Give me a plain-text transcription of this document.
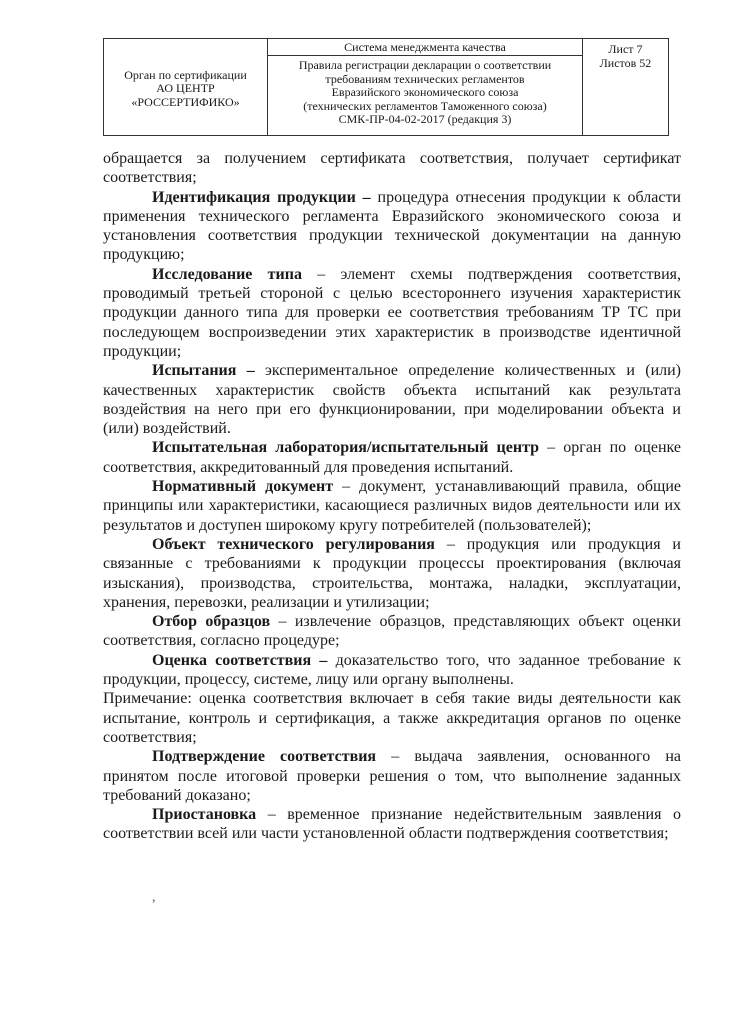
Орган по сертификации
АО ЦЕНТР
«РОССЕРТИФИКО»
Система менеджмента качества
Правила регистрации декларации о соответствии
требованиям технических регламентов
Евразийского экономического союза
(технических регламентов Таможенного союза)
СМК-ПР-04-02-2017 (редакция 3)
Лист 7
Листов 52

обращается за получением сертификата соответствия, получает сертификат соответствия;

Идентификация продукции – процедура отнесения продукции к области применения технического регламента Евразийского экономического союза и установления соответствия продукции технической документации на данную продукцию;

Исследование типа – элемент схемы подтверждения соответствия, проводимый третьей стороной с целью всестороннего изучения характеристик продукции данного типа для проверки ее соответствия требованиям ТР ТС при последующем воспроизведении этих характеристик в производстве идентичной продукции;

Испытания – экспериментальное определение количественных и (или) качественных характеристик свойств объекта испытаний как результата воздействия на него при его функционировании, при моделировании объекта и (или) воздействий.

Испытательная лаборатория/испытательный центр – орган по оценке соответствия, аккредитованный для проведения испытаний.

Нормативный документ – документ, устанавливающий правила, общие принципы или характеристики, касающиеся различных видов деятельности или их результатов и доступен широкому кругу потребителей (пользователей);

Объект технического регулирования – продукция или продукция и связанные с требованиями к продукции процессы проектирования (включая изыскания), производства, строительства, монтажа, наладки, эксплуатации, хранения, перевозки, реализации и утилизации;

Отбор образцов – извлечение образцов, представляющих объект оценки соответствия, согласно процедуре;

Оценка соответствия – доказательство того, что заданное требование к продукции, процессу, системе, лицу или органу выполнены.

Примечание: оценка соответствия включает в себя такие виды деятельности как испытание, контроль и сертификация, а также аккредитация органов по оценке соответствия;

Подтверждение соответствия – выдача заявления, основанного на принятом после итоговой проверки решения о том, что выполнение заданных требований доказано;

Приостановка – временное признание недействительным заявления о соответствии всей или части установленной области подтверждения соответствия;

,
